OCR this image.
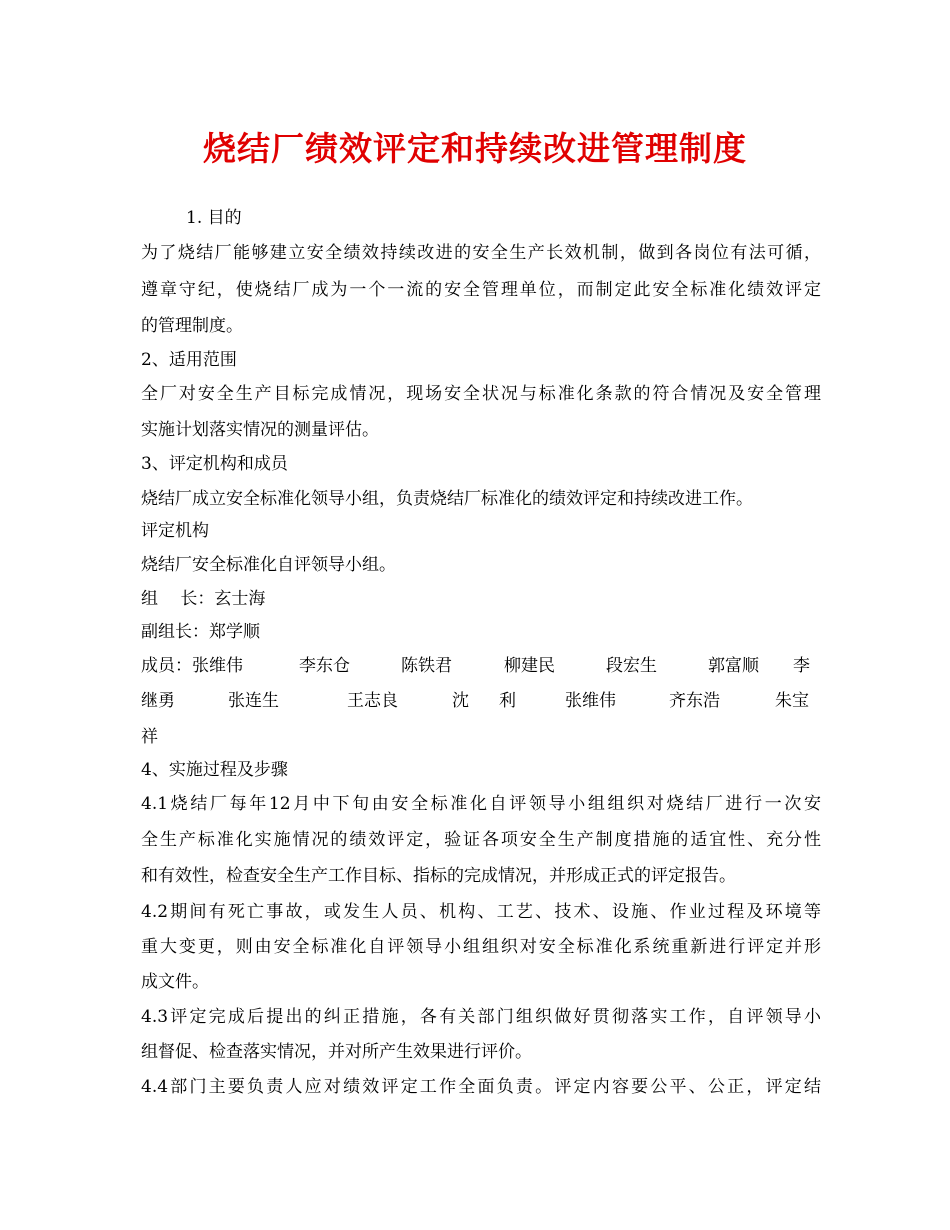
烧结厂绩效评定和持续改进管理制度
1. 目的
为了烧结厂能够建立安全绩效持续改进的安全生产长效机制，做到各岗位有法可循，
遵章守纪，使烧结厂成为一个一流的安全管理单位，而制定此安全标准化绩效评定
的管理制度。
2、适用范围
全厂对安全生产目标完成情况，现场安全状况与标准化条款的符合情况及安全管理
实施计划落实情况的测量评估。
3、评定机构和成员
烧结厂成立安全标准化领导小组，负责烧结厂标准化的绩效评定和持续改进工作。
评定机构
烧结厂安全标准化自评领导小组。
组　 长：玄士海
副组长：郑学顺
成员：张维伟	李东仓	陈铁君	柳建民	段宏生	郭富顺 李
继勇	张连生	王志良	沈 利	张维伟	齐东浩	朱宝
祥
4、实施过程及步骤
4.1烧结厂每年12月中下旬由安全标准化自评领导小组组织对烧结厂进行一次安
全生产标准化实施情况的绩效评定，验证各项安全生产制度措施的适宜性、充分性
和有效性，检查安全生产工作目标、指标的完成情况，并形成正式的评定报告。
4.2期间有死亡事故，或发生人员、机构、工艺、技术、设施、作业过程及环境等
重大变更，则由安全标准化自评领导小组组织对安全标准化系统重新进行评定并形
成文件。
4.3评定完成后提出的纠正措施，各有关部门组织做好贯彻落实工作，自评领导小
组督促、检查落实情况，并对所产生效果进行评价。
4.4部门主要负责人应对绩效评定工作全面负责。评定内容要公平、公正，评定结
